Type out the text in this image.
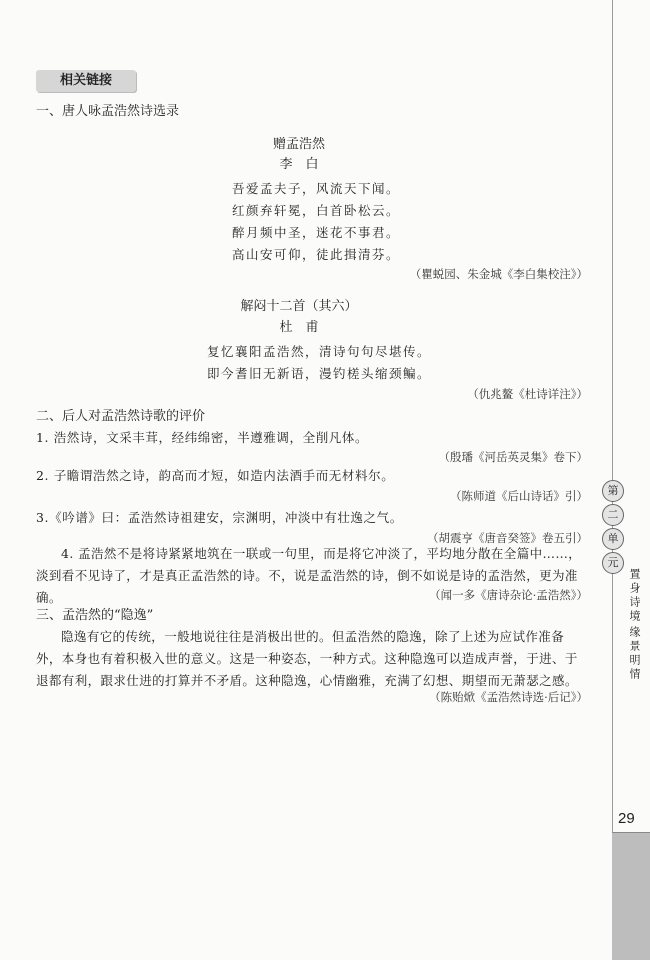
29
相关链接
一、唐人咏孟浩然诗选录
赠孟浩然
李　白
吾爱孟夫子，风流天下闻。
红颜弃轩冕，白首卧松云。
醉月频中圣，迷花不事君。
高山安可仰，徒此揖清芬。
（瞿蜕园、朱金城《李白集校注》）
解闷十二首（其六）
杜　甫
复忆襄阳孟浩然，清诗句句尽堪传。
即今耆旧无新语，漫钓槎头缩颈鳊。
（仇兆鳌《杜诗详注》）
二、后人对孟浩然诗歌的评价
1. 浩然诗，文采丰茸，经纬绵密，半遵雅调，全削凡体。
（殷璠《河岳英灵集》卷下）
2. 子瞻谓浩然之诗，韵高而才短，如造内法酒手而无材料尔。
（陈师道《后山诗话》引）
3.《吟谱》曰：孟浩然诗祖建安，宗渊明，冲淡中有壮逸之气。
（胡震亨《唐音癸签》卷五引）
4. 孟浩然不是将诗紧紧地筑在一联或一句里，而是将它冲淡了，平均地分散在全篇中……，淡到看不见诗了，才是真正孟浩然的诗。不，说是孟浩然的诗，倒不如说是诗的孟浩然，更为准确。	（闻一多《唐诗杂论·孟浩然》）
三、孟浩然的“隐逸”
隐逸有它的传统，一般地说往往是消极出世的。但孟浩然的隐逸，除了上述为应试作准备外，本身也有着积极入世的意义。这是一种姿态，一种方式。这种隐逸可以造成声誉，于进、于退都有利，跟求仕进的打算并不矛盾。这种隐逸，心情幽雅，充满了幻想、期望而无萧瑟之感。
（陈贻焮《孟浩然诗选·后记》）
第
二
单
元
置身诗境
缘景明情
